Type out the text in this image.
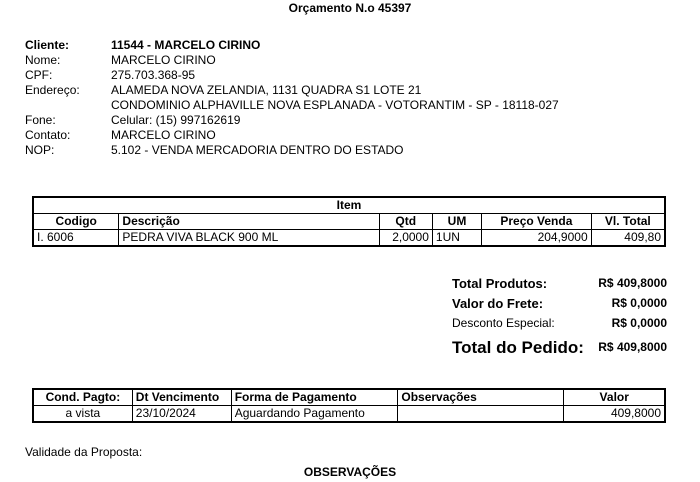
Orçamento N.o 45397
Cliente:	11544 - MARCELO CIRINO
Nome:	MARCELO CIRINO
CPF:	275.703.368-95
Endereço:	ALAMEDA NOVA ZELANDIA, 1131 QUADRA S1 LOTE 21
CONDOMINIO ALPHAVILLE NOVA ESPLANADA - VOTORANTIM - SP - 18118-027
Fone:	Celular: (15) 997162619
Contato:	MARCELO CIRINO
NOP:	5.102 - VENDA MERCADORIA DENTRO DO ESTADO
Item					
Codigo	Descrição	Qtd	UM	Preço Venda	Vl. Total
I. 6006	PEDRA VIVA BLACK 900 ML	2,0000	1UN	204,9000	409,80
Total Produtos:	R$ 409,8000
Valor do Frete:	R$ 0,0000
Desconto Especial:	R$ 0,0000
Total do Pedido: R$ 409,8000
Cond. Pagto:	Dt Vencimento	Forma de Pagamento	Observações	Valor
a vista	23/10/2024	Aguardando Pagamento		409,8000
Validade da Proposta:
OBSERVAÇÕES
